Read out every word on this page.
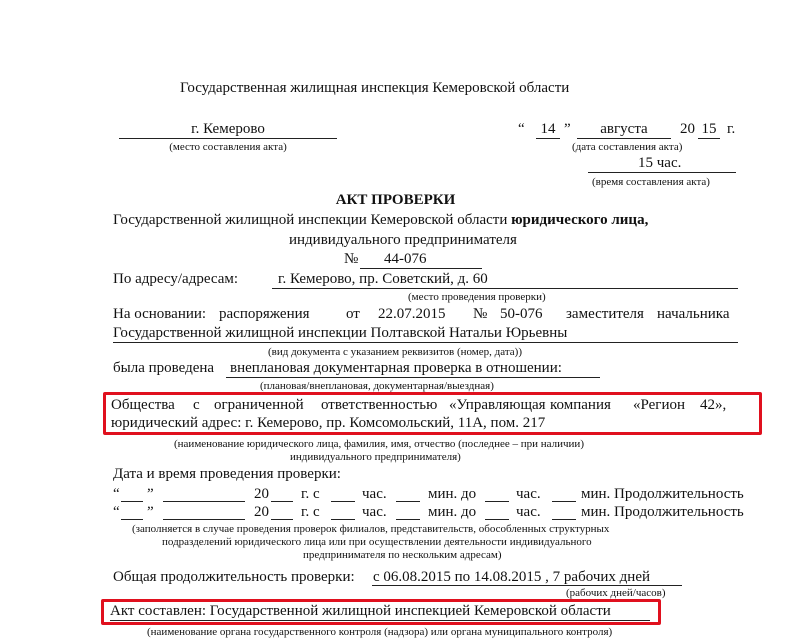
Государственная жилищная инспекция Кемеровской области
г. Кемерово
(место составления акта)
“	14 ”	августа	20 15 г.
(дата составления акта)
15 час.
(время составления акта)
АКТ ПРОВЕРКИ
Государственной жилищной инспекции Кемеровской области юридического лица,
индивидуального предпринимателя
№ 44-076
По адресу/адресам:	г. Кемерово, пр. Советский, д. 60
(место проведения проверки)
На основании: распоряжения от 22.07.2015 № 50-076 заместителя начальника
Государственной жилищной инспекции Полтавской Натальи Юрьевны
(вид документа с указанием реквизитов (номер, дата))
была проведена внеплановая документарная проверка в отношении:
(плановая/внеплановая, документарная/выездная)
Общества с ограниченной ответственностью «Управляющая компания «Регион 42»,
юридический адрес: г. Кемерово, пр. Комсомольский, 11А, пом. 217
(наименование юридического лица, фамилия, имя, отчество (последнее – при наличии)
индивидуального предпринимателя)
Дата и время проведения проверки:
“ ”	20 г. с	час.	мин. до	час.	мин. Продолжительность
“ ”	20 г. с	час.	мин. до	час.	мин. Продолжительность
(заполняется в случае проведения проверок филиалов, представительств, обособленных структурных
подразделений юридического лица или при осуществлении деятельности индивидуального
предпринимателя по нескольким адресам)
Общая продолжительность проверки: с 06.08.2015 по 14.08.2015 , 7 рабочих дней
(рабочих дней/часов)
Акт составлен: Государственной жилищной инспекцией Кемеровской области
(наименование органа государственного контроля (надзора) или органа муниципального контроля)
